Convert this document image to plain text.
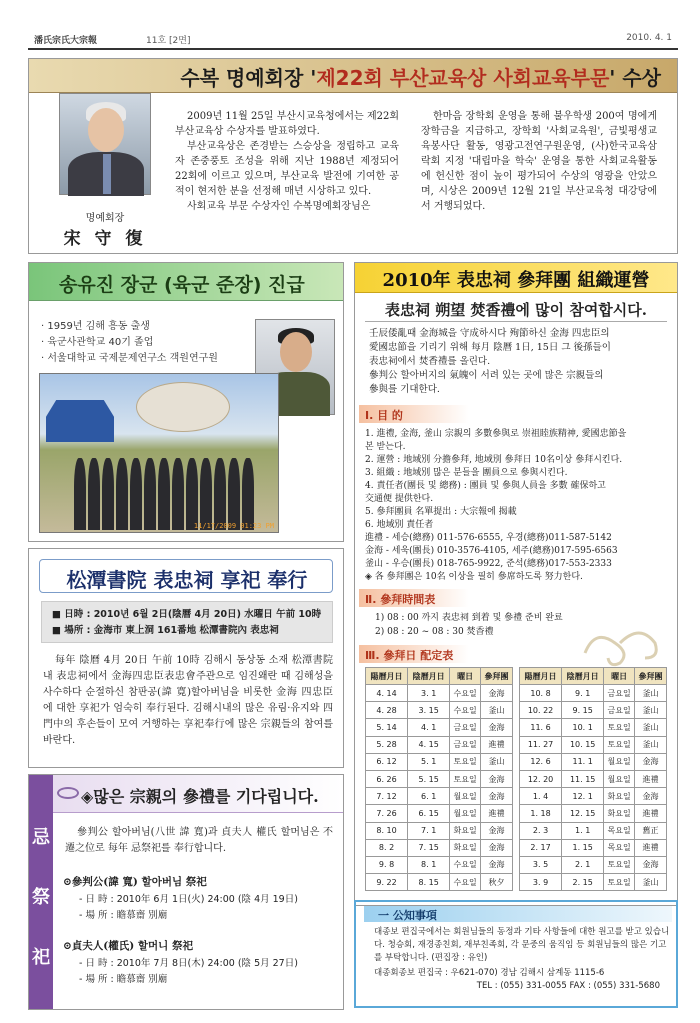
潘氏宗氏大宗報	11호 [2면]	2010. 4. 1
수복 명예회장 '제22회 부산교육상 사회교육부문' 수상
명예회장
宋 守 復

2009년 11월 25일 부산시교육청에서는 제22회 부산교육상 수상자를 발표하였다.

부산교육상은 존경받는 스승상을 정립하고 교육자 존중풍토 조성을 위해 지난 1988년 제정되어 22회에 이르고 있으며, 부산교육 발전에 기여한 공적이 현저한 분을 선정해 매년 시상하고 있다.

사회교육 부문 수상자인 수복명예회장님은

한마음 장학회 운영을 통해 불우학생 200여 명에게 장학금을 지급하고, 장학회 '사회교육원', 금빛평생교육봉사단 활동, 영광고전연구원운영, (사)한국교육삼락회 지정 '대립마을 학숙' 운영을 통한 사회교육활동에 헌신한 점이 높이 평가되어 수상의 영광을 안았으며, 시상은 2009년 12월 21일 부산교육청 대강당에서 거행되었다.

송유진 장군 (육군 준장) 진급
· 1959년 김해 흥동 출생
· 육군사관학교 40기 졸업
· 서울대학교 국제문제연구소 객원연구원
11/17/2009 01:23 PM
松潭書院 表忠祠 享祀 奉行
■ 日時 : 2010년 6월 2日(陰曆 4月 20日) 水曜日 午前 10時
■ 場所 : 金海市 東上洞 161番地 松潭書院內 表忠祠

每年 陰曆 4月 20日 午前 10時 김해시 동상동 소재 松潭書院 내 表忠祠에서 金海四忠臣表忠會주관으로 임진왜란 때 김해성을 사수하다 순절하신 참판공(諱 寛)할아버님을 비롯한 金海 四忠臣에 대한 享祀가 엄숙히 奉行된다. 김해시내의 많은 유림·유지와 四門中의 후손들이 모여 거행하는 享祀奉行에 많은 宗親들의 참여를 바란다.

忌
祭
祀
◈많은 宗親의 參禮를 기다립니다.

參判公 할아버님(八世 諱 寬)과 貞夫人 權氏 할머님은 不遷之位로 每年 忌祭祀를 奉行합니다.

⊙參判公(諱 寬) 할아버님 祭祀
- 日 時 : 2010年 6月 1日(火) 24:00 (陰 4月 19日)
- 場 所 : 瞻慕齋 別廟
⊙貞夫人(權氏) 할머니 祭祀
- 日 時 : 2010年 7月 8日(木) 24:00 (陰 5月 27日)
- 場 所 : 瞻慕齋 別廟
2010年 表忠祠 參拜團 組織運營
表忠祠 朔望 焚香禮에 많이 참여합시다.
壬辰倭亂때 金海城을 守成하시다 殉節하신 金海 四忠臣의
愛國忠節을 기리기 위해 每月 陰曆 1日, 15日 그 後孫들이
表忠祠에서 焚香禮를 올린다.
參判公 할아버지의 氣魄이 서려 있는 곳에 많은 宗親들의
參與를 기대한다.
Ⅰ. 目 的
1. 進禮, 金海, 釜山 宗親의 多數參與로 崇祖睦族精神, 愛國忠節을
본 받는다.
2. 運營 : 地域別 分擔參拜, 地域別 參拜日 10名이상 參拜시킨다.
3. 組織 : 地域別 많은 분들을 團員으로 參與시킨다.
4. 責任者(團長 및 總務) : 團員 및 參與人員을 多數 確保하고
交通便 提供한다.
5. 參拜團員 名單提出 : 大宗報에 揭載
6. 地域別 責任者
進禮 - 세승(總務) 011-576-6555, 우경(總務)011-587-5142
金海 - 세욱(團長) 010-3576-4105, 세주(總務)017-595-6563
釜山 - 우승(團長) 018-765-9922, 준석(總務)017-553-2333
◈ 各 參拜團은 10名 이상을 필히 參席하도록 努力한다.
Ⅱ. 參拜時間表
1) 08 : 00 까지 表忠祠 到着 및 參禮 준비 완료
2) 08 : 20 ~ 08 : 30 焚香禮
Ⅲ. 參拜日 配定表
陽曆月日	陰曆月日	曜日	參拜團
4. 14	3. 1	수요일	金海
4. 28	3. 15	수요일	釜山
5. 14	4. 1	금요일	金海
5. 28	4. 15	금요일	進禮
6. 12	5. 1	토요일	釜山
6. 26	5. 15	토요일	金海
7. 12	6. 1	월요일	金海
7. 26	6. 15	월요일	進禮
8. 10	7. 1	화요일	金海
8. 2	7. 15	화요일	金海
9. 8	8. 1	수요일	金海
9. 22	8. 15	수요일	秋夕
陽曆月日	陰曆月日	曜日	參拜團
10. 8	9. 1	금요일	釜山
10. 22	9. 15	금요일	釜山
11. 6	10. 1	토요일	釜山
11. 27	10. 15	토요일	釜山
12. 6	11. 1	월요일	金海
12. 20	11. 15	월요일	進禮
1. 4	12. 1	화요일	金海
1. 18	12. 15	화요일	進禮
2. 3	1. 1	목요일	舊正
2. 17	1. 15	목요일	進禮
3. 5	2. 1	토요일	金海
3. 9	2. 15	토요일	釜山
一 公知事項
대종보 편집국에서는 회원님들의 동정과 기타 사항들에 대한 원고를 받고 있습니다. 청승회, 재경종친회, 재부친족회, 각 문중의 움직임 등 회원님들의 많은 기고를 부탁합니다. (편집장 : 유인)
대종회종보 편집국 : 우621-070) 경남 김해시 삼계동 1115-6
TEL : (055) 331-0055 FAX : (055) 331-5680
